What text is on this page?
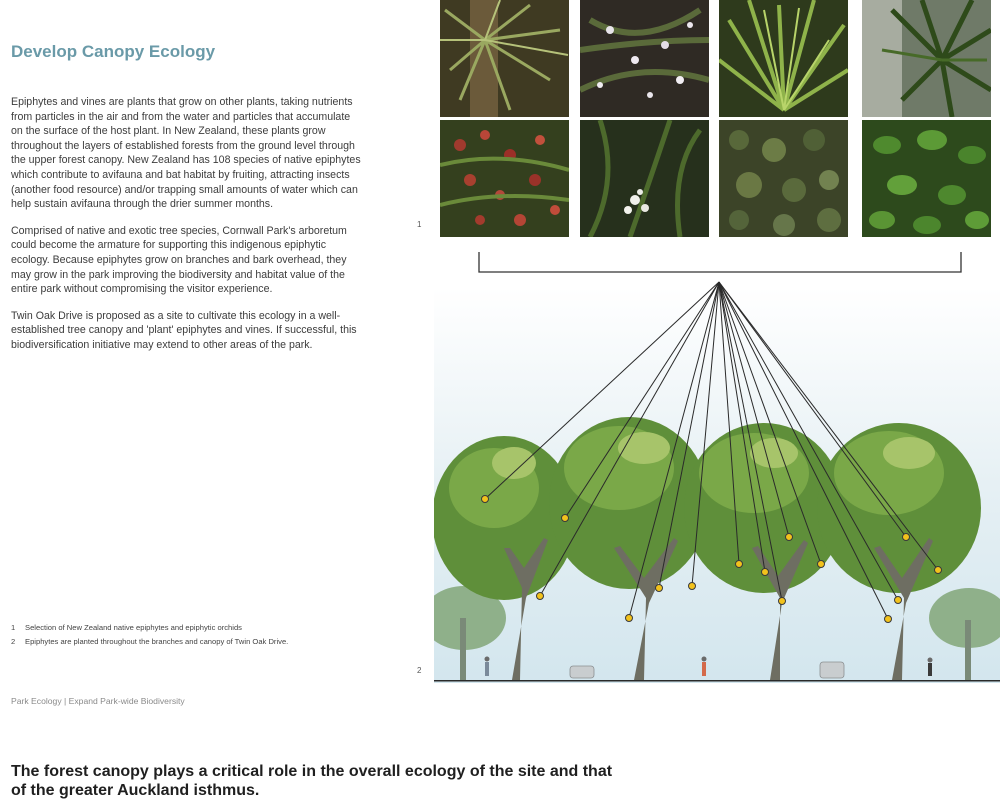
Develop Canopy Ecology

Epiphytes and vines are plants that grow on other plants, taking nutrients from particles in the air and from the water and particles that accumulate on the surface of the host plant. In New Zealand, these plants grow throughout the layers of established forests from the ground level through the upper forest canopy. New Zealand has 108 species of native epiphytes which contribute to avifauna and bat habitat by fruiting, attracting insects (another food resource) and/or trapping small amounts of water which can help sustain avifauna through the drier summer months.

Comprised of native and exotic tree species, Cornwall Park's arboretum could become the armature for supporting this indigenous epiphytic ecology. Because epiphytes grow on branches and bark overhead, they may grow in the park improving the biodiversity and habitat value of the entire park without compromising the visitor experience.

Twin Oak Drive is proposed as a site to cultivate this ecology in a well-established tree canopy and 'plant' epiphytes and vines. If successful, this biodiversification initiative may extend to other areas of the park.

1	Selection of New Zealand native epiphytes and epiphytic orchids
2	Epiphytes are planted throughout the branches and canopy of Twin Oak Drive.
Park Ecology | Expand Park-wide Biodiversity
The forest canopy plays a critical role in the overall ecology of the site and that of the greater Auckland isthmus.
1
2
